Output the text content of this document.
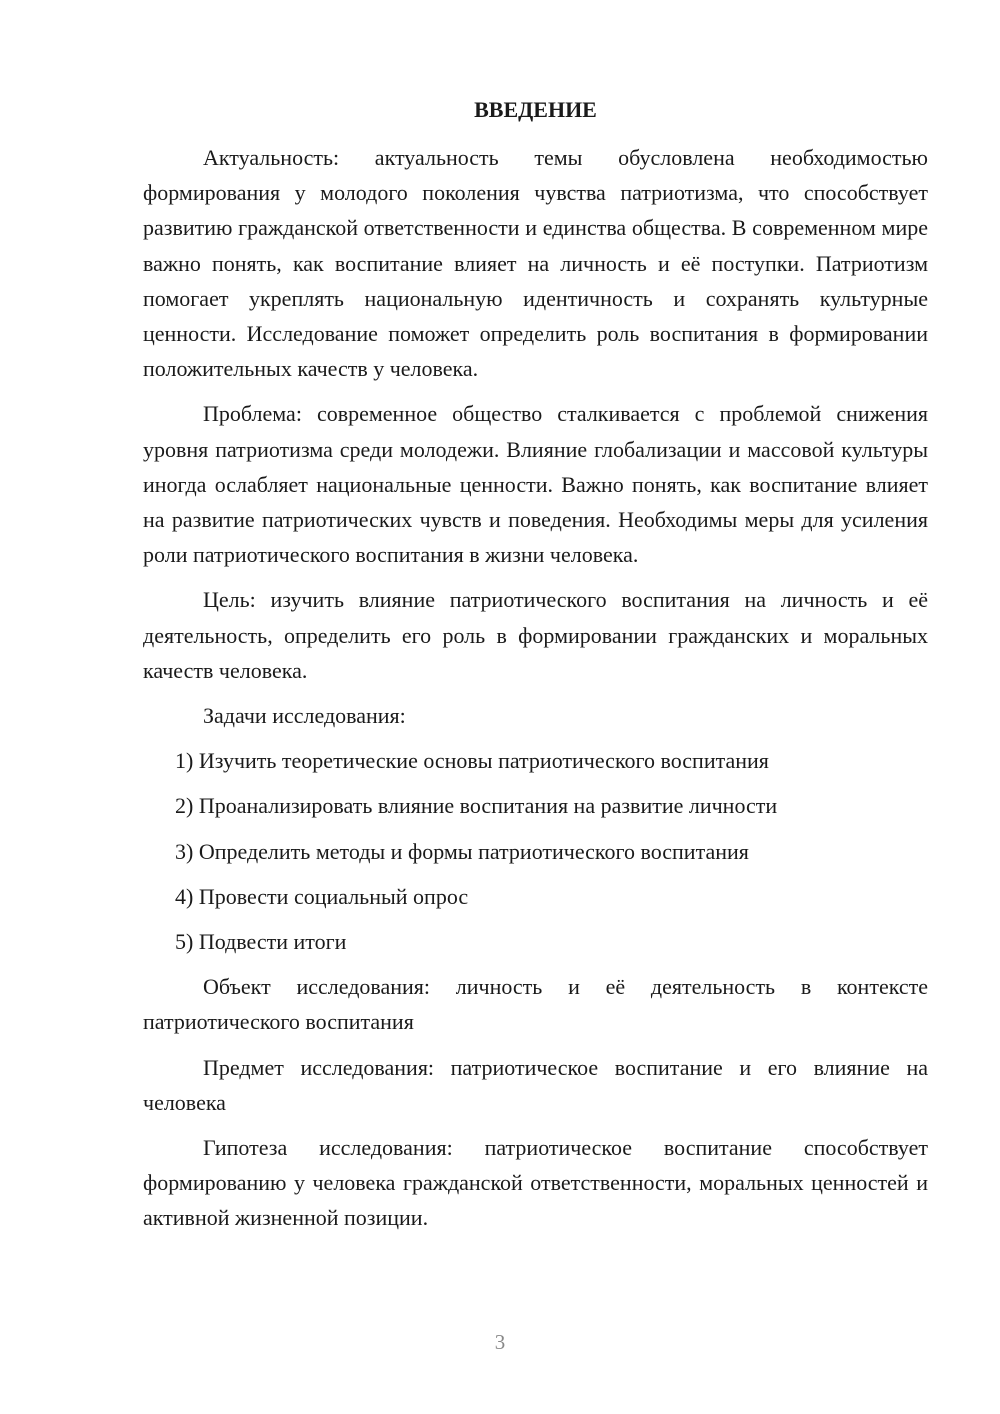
ВВЕДЕНИЕ

Актуальность: актуальность темы обусловлена необходимостью формирования у молодого поколения чувства патриотизма, что способствует развитию гражданской ответственности и единства общества. В современном мире важно понять, как воспитание влияет на личность и её поступки. Патриотизм помогает укреплять национальную идентичность и сохранять культурные ценности. Исследование поможет определить роль воспитания в формировании положительных качеств у человека.

Проблема: современное общество сталкивается с проблемой снижения уровня патриотизма среди молодежи. Влияние глобализации и массовой культуры иногда ослабляет национальные ценности. Важно понять, как воспитание влияет на развитие патриотических чувств и поведения. Необходимы меры для усиления роли патриотического воспитания в жизни человека.

Цель: изучить влияние патриотического воспитания на личность и её деятельность, определить его роль в формировании гражданских и моральных качеств человека.

Задачи исследования:

1) Изучить теоретические основы патриотического воспитания
2) Проанализировать влияние воспитания на развитие личности
3) Определить методы и формы патриотического воспитания
4) Провести социальный опрос
5) Подвести итоги

Объект исследования: личность и её деятельность в контексте патриотического воспитания

Предмет исследования: патриотическое воспитание и его влияние на человека

Гипотеза исследования: патриотическое воспитание способствует формированию у человека гражданской ответственности, моральных ценностей и активной жизненной позиции.

3
